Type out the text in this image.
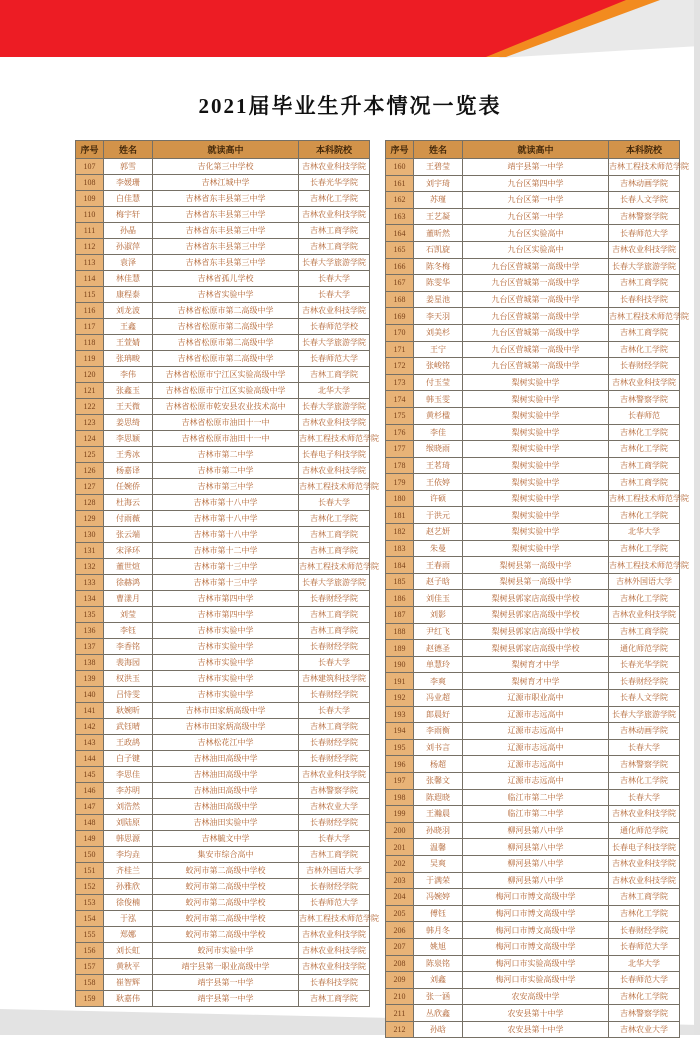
2021届毕业生升本情况一览表
序号	姓名	就读高中	本科院校
107	郭雪	吉化第三中学校	吉林农业科技学院
108	李媛珊	吉林江城中学	长春光华学院
109	白佳慧	吉林省东丰县第三中学	吉林化工学院
110	梅宇轩	吉林省东丰县第三中学	吉林农业科技学院
111	孙晶	吉林省东丰县第三中学	吉林工商学院
112	孙淑萍	吉林省东丰县第三中学	吉林工商学院
113	袁泽	吉林省东丰县第三中学	长春大学旅游学院
114	林佳慧	吉林省孤儿学校	长春大学
115	康程泰	吉林省实验中学	长春大学
116	刘龙波	吉林省松原市第二高级中学	吉林农业科技学院
117	王鑫	吉林省松原市第二高级中学	长春师范学校
118	王萱婧	吉林省松原市第二高级中学	长春大学旅游学院
119	张珃畯	吉林省松原市第二高级中学	长春师范大学
120	李伟	吉林省松原市宁江区实验高级中学	吉林工商学院
121	张鑫玉	吉林省松原市宁江区实验高级中学	北华大学
122	王天微	吉林省松原市乾安县农业技术高中	长春大学旅游学院
123	姜思绮	吉林省松原市油田十一中	吉林农业科技学院
124	李思颖	吉林省松原市油田十一中	吉林工程技术师范学院
125	王秀冰	吉林市第二中学	长春电子科技学院
126	杨嘉译	吉林市第二中学	吉林农业科技学院
127	任婉侨	吉林市第三中学	吉林工程技术师范学院
128	杜海云	吉林市第十八中学	长春大学
129	付雨薇	吉林市第十八中学	吉林化工学院
130	张云端	吉林市第十八中学	吉林工商学院
131	宋泽环	吉林市第十二中学	吉林工商学院
132	董世煊	吉林市第十三中学	吉林工程技术师范学院
133	徐赫鸿	吉林市第十三中学	长春大学旅游学院
134	曹漾月	吉林市第四中学	长春财经学院
135	刘莹	吉林市第四中学	吉林工商学院
136	李钰	吉林市实验中学	吉林工商学院
137	李香铭	吉林市实验中学	长春财经学院
138	裴海园	吉林市实验中学	长春大学
139	权洪玉	吉林市实验中学	吉林建筑科技学院
140	吕恃雯	吉林市实验中学	长春财经学院
141	耿婉昕	吉林市田家炳高级中学	长春大学
142	武钰晴	吉林市田家炳高级中学	吉林工商学院
143	王政鸪	吉林松花江中学	长春财经学院
144	白子键	吉林油田高级中学	长春财经学院
145	李思佳	吉林油田高级中学	吉林农业科技学院
146	李苏明	吉林油田高级中学	吉林警察学院
147	刘浩然	吉林油田高级中学	吉林农业大学
148	刘陆原	吉林油田实验中学	长春财经学院
149	韩思源	吉林毓文中学	长春大学
150	李均垚	集安市综合高中	吉林工商学院
151	齐桂兰	蛟河市第二高级中学校	吉林外国语大学
152	孙雅欣	蛟河市第二高级中学校	长春财经学院
153	徐俊楠	蛟河市第二高级中学校	长春师范大学
154	于泓	蛟河市第二高级中学校	吉林工程技术师范学院
155	郑娜	蛟河市第二高级中学校	吉林农业科技学院
156	刘长虹	蛟河市实验中学	吉林农业科技学院
157	黄秋平	靖宇县第一职业高级中学	吉林农业科技学院
158	崔智辉	靖宇县第一中学	长春科技学院
159	耿嘉伟	靖宇县第一中学	吉林工商学院
序号	姓名	就读高中	本科院校
160	王碧莹	靖宇县第一中学	吉林工程技术师范学院
161	刘宇琦	九台区第四中学	吉林动画学院
162	苏瑾	九台区第一中学	长春人文学院
163	王艺凝	九台区第一中学	吉林警察学院
164	董昕然	九台区实验高中	长春师范大学
165	石凯旋	九台区实验高中	吉林农业科技学院
166	陈冬梅	九台区营城第一高级中学	长春大学旅游学院
167	陈雯华	九台区营城第一高级中学	吉林工商学院
168	姜星池	九台区营城第一高级中学	长春科技学院
169	李天羽	九台区营城第一高级中学	吉林工程技术师范学院
170	刘美杉	九台区营城第一高级中学	吉林工商学院
171	王宁	九台区营城第一高级中学	吉林化工学院
172	张峻铭	九台区营城第一高级中学	长春财经学院
173	付玉莹	梨树实验中学	吉林农业科技学院
174	韩玉雯	梨树实验中学	吉林警察学院
175	黄杉楹	梨树实验中学	长春师范
176	李佳	梨树实验中学	吉林化工学院
177	缑晓雨	梨树实验中学	吉林化工学院
178	王茗琦	梨树实验中学	吉林工商学院
179	王依婷	梨树实验中学	吉林工商学院
180	许硕	梨树实验中学	吉林工程技术师范学院
181	于洪元	梨树实验中学	吉林化工学院
182	赵艺妍	梨树实验中学	北华大学
183	朱曼	梨树实验中学	吉林化工学院
184	王春雨	梨树县第一高级中学	吉林工程技术师范学院
185	赵子晗	梨树县第一高级中学	吉林外国语大学
186	刘佳玉	梨树县郭家店高级中学校	吉林化工学院
187	刘影	梨树县郭家店高级中学校	吉林农业科技学院
188	尹红飞	梨树县郭家店高级中学校	吉林工商学院
189	赵德圣	梨树县郭家店高级中学校	通化师范学院
190	单慧玲	梨树育才中学	长春光华学院
191	李爽	梨树育才中学	长春财经学院
192	冯业超	辽源市职业高中	长春人文学院
193	郎晨好	辽源市志远高中	长春大学旅游学院
194	李雨衡	辽源市志远高中	吉林动画学院
195	刘书言	辽源市志远高中	长春大学
196	杨超	辽源市志远高中	吉林警察学院
197	张馨文	辽源市志远高中	吉林化工学院
198	陈遐晓	临江市第二中学	长春大学
199	王瀚晨	临江市第二中学	吉林农业科技学院
200	孙晓羽	柳河县第八中学	通化师范学院
201	温馨	柳河县第八中学	长春电子科技学院
202	吴爽	柳河县第八中学	吉林农业科技学院
203	于满荣	柳河县第八中学	吉林农业科技学院
204	冯婉婷	梅河口市博文高级中学	吉林工商学院
205	傅钰	梅河口市博文高级中学	吉林化工学院
206	韩月冬	梅河口市博文高级中学	长春财经学院
207	姚旭	梅河口市博文高级中学	长春师范大学
208	陈泉铭	梅河口市实验高级中学	北华大学
209	刘鑫	梅河口市实验高级中学	长春师范大学
210	张一涵	农安高级中学	吉林化工学院
211	丛欣鑫	农安县第十中学	吉林警察学院
212	孙晗	农安县第十中学	吉林农业大学
